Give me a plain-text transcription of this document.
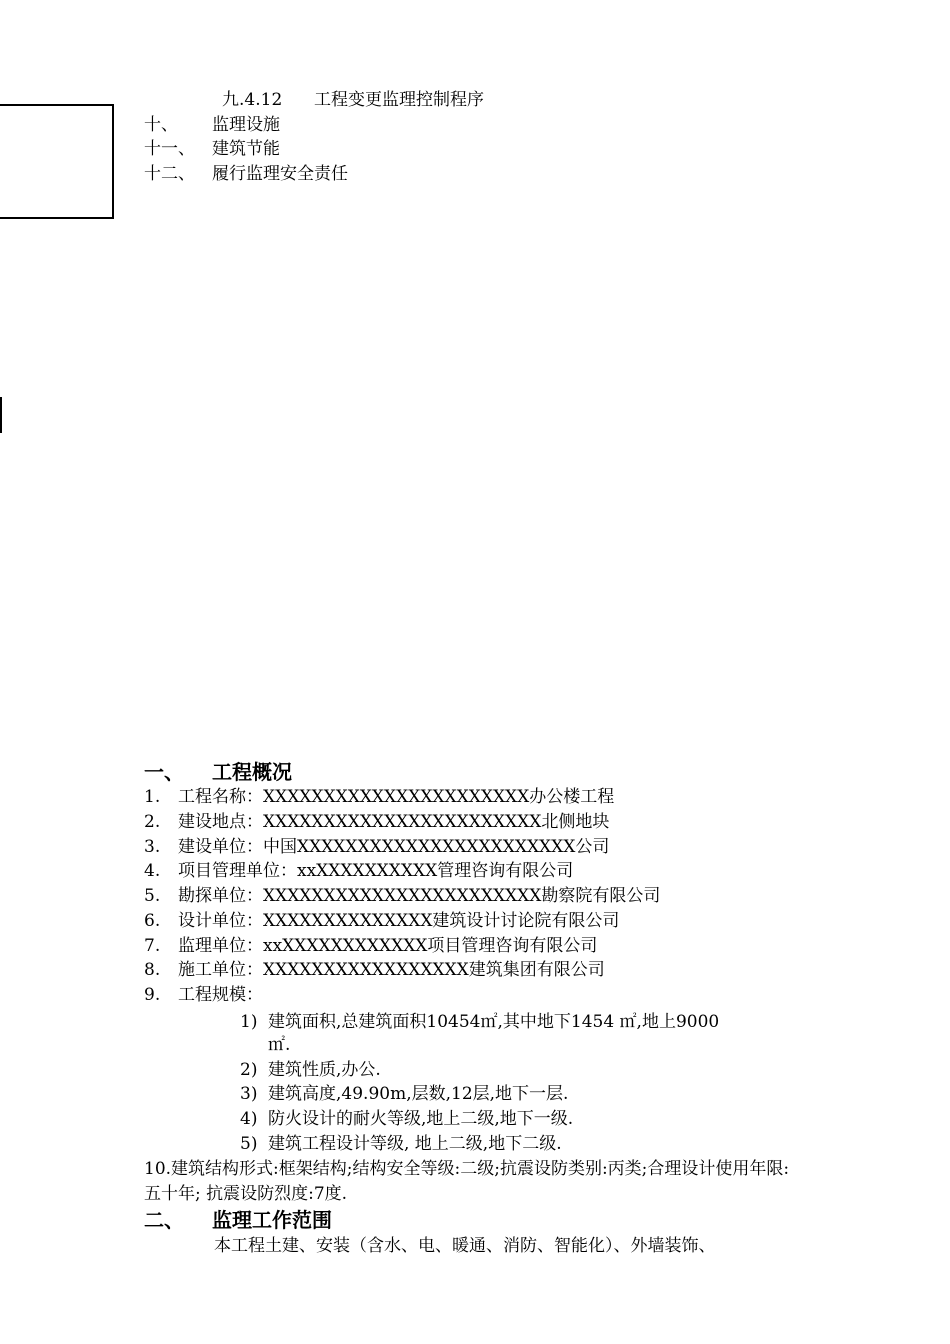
九.4.12 工程变更监理控制程序
十、 监理设施
十一、 建筑节能
十二、 履行监理安全责任
一、 工程概况
1. 工程名称：XXXXXXXXXXXXXXXXXXXXXX办公楼工程
2. 建设地点：XXXXXXXXXXXXXXXXXXXXXXX北侧地块
3. 建设单位：中国XXXXXXXXXXXXXXXXXXXXXXX公司
4. 项目管理单位：xxXXXXXXXXXX管理咨询有限公司
5. 勘探单位：XXXXXXXXXXXXXXXXXXXXXXX勘察院有限公司
6. 设计单位：XXXXXXXXXXXXXX建筑设计讨论院有限公司
7. 监理单位：xxXXXXXXXXXXXX项目管理咨询有限公司
8. 施工单位：XXXXXXXXXXXXXXXXX建筑集团有限公司
9. 工程规模：
1) 建筑面积,总建筑面积10454㎡,其中地下1454 ㎡,地上9000
㎡.
2) 建筑性质,办公.
3) 建筑高度,49.90m,层数,12层,地下一层.
4) 防火设计的耐火等级,地上二级,地下一级.
5) 建筑工程设计等级, 地上二级,地下二级.
10.建筑结构形式:框架结构;结构安全等级:二级;抗震设防类别:丙类;合理设计使用年限:五十年; 抗震设防烈度:7度.
二、 监理工作范围
本工程土建、安装（含水、电、暖通、消防、智能化）、外墙装饰、
